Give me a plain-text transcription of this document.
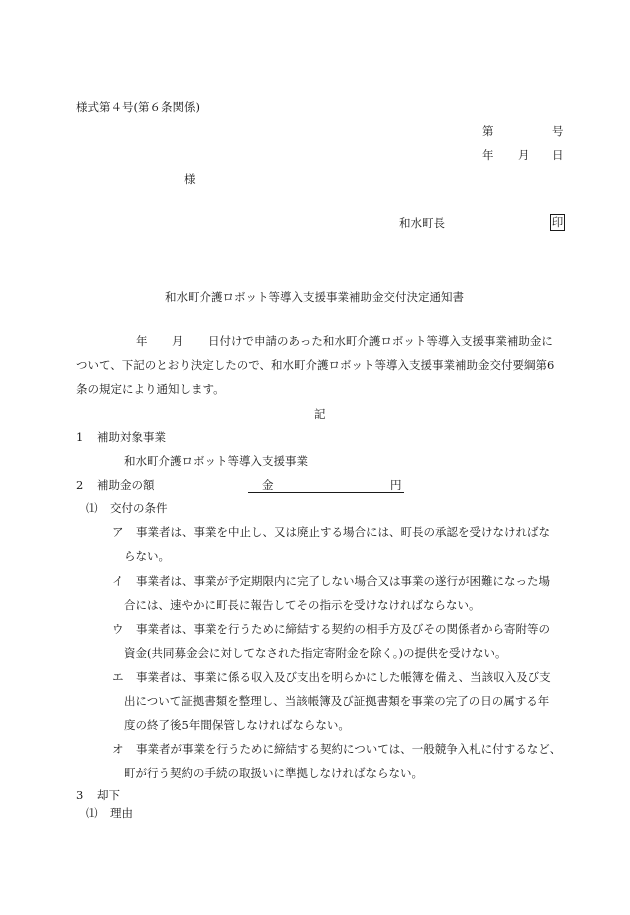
様式第４号(第６条関係)
第	号
年 月 日
様
和水町長	印
和水町介護ロボット等導入支援事業補助金交付決定通知書
年 月 日付けで申請のあった和水町介護ロボット等導入支援事業補助金に
ついて、下記のとおり決定したので、和水町介護ロボット等導入支援事業補助金交付要綱第6
条の規定により通知します。
記
1 補助対象事業
和水町介護ロボット等導入支援事業
2 補助金の額	金	円
⑴ 交付の条件
ア 事業者は、事業を中止し、又は廃止する場合には、町長の承認を受けなければな
らない。
イ 事業者は、事業が予定期限内に完了しない場合又は事業の遂行が困難になった場
合には、速やかに町長に報告してその指示を受けなければならない。
ウ 事業者は、事業を行うために締結する契約の相手方及びその関係者から寄附等の
資金(共同募金会に対してなされた指定寄附金を除く。)の提供を受けない。
エ 事業者は、事業に係る収入及び支出を明らかにした帳簿を備え、当該収入及び支
出について証拠書類を整理し、当該帳簿及び証拠書類を事業の完了の日の属する年
度の終了後5年間保管しなければならない。
オ 事業者が事業を行うために締結する契約については、一般競争入札に付するなど、
町が行う契約の手続の取扱いに準拠しなければならない。
3 却下
⑴ 理由
